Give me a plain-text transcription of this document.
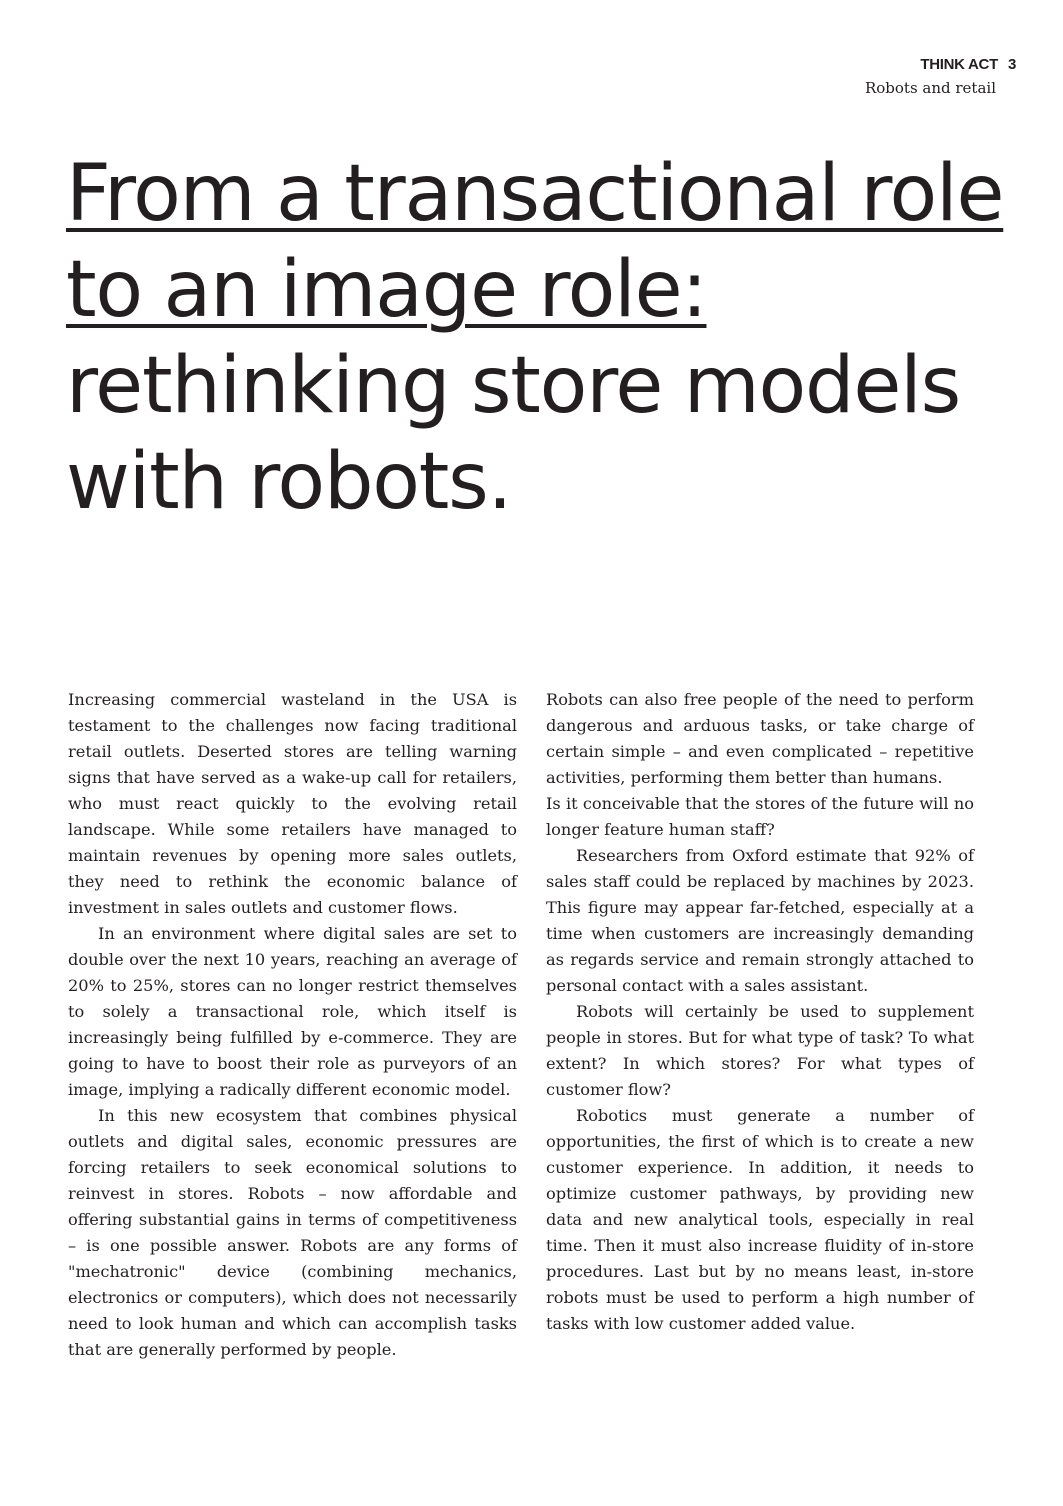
THINK ACT 3
Robots and retail
From a transactional role
to an image role:
rethinking store models
with robots.

Increasing commercial wasteland in the USA is testament to the challenges now facing traditional retail outlets. Deserted stores are telling warning signs that have served as a wake-up call for retailers, who must react quickly to the evolving retail landscape. While some retailers have managed to maintain revenues by opening more sales outlets, they need to rethink the economic balance of investment in sales outlets and customer flows.

In an environment where digital sales are set to double over the next 10 years, reaching an average of 20% to 25%, stores can no longer restrict themselves to solely a transactional role, which itself is increasingly being fulfilled by e-commerce. They are going to have to boost their role as purveyors of an image, implying a radically different economic model.

In this new ecosystem that combines physical outlets and digital sales, economic pressures are forcing retailers to seek economical solutions to reinvest in stores. Robots – now affordable and offering substantial gains in terms of competitiveness – is one possible answer. Robots are any forms of "mechatronic" device (combining mechanics, electronics or computers), which does not necessarily need to look human and which can accomplish tasks that are generally performed by people.

Robots can also free people of the need to perform dangerous and arduous tasks, or take charge of certain simple – and even complicated – repetitive activities, performing them better than humans.

Is it conceivable that the stores of the future will no longer feature human staff?

Researchers from Oxford estimate that 92% of sales staff could be replaced by machines by 2023. This figure may appear far-fetched, especially at a time when customers are increasingly demanding as regards service and remain strongly attached to personal contact with a sales assistant.

Robots will certainly be used to supplement people in stores. But for what type of task? To what extent? In which stores? For what types of customer flow?

Robotics must generate a number of opportunities, the first of which is to create a new customer experience. In addition, it needs to optimize customer pathways, by providing new data and new analytical tools, especially in real time. Then it must also increase fluidity of in-store procedures. Last but by no means least, in-store robots must be used to perform a high number of tasks with low customer added value.
